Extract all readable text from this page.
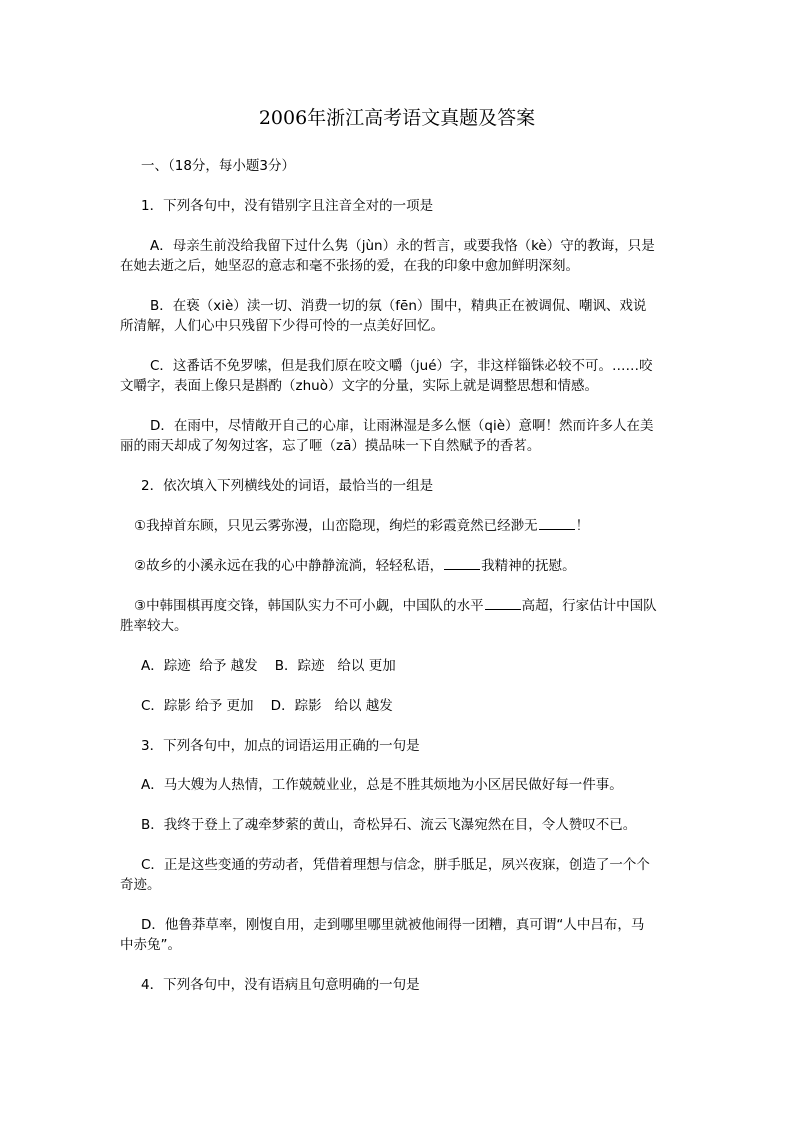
2006年浙江高考语文真题及答案
一、（18分，每小题3分）
1．下列各句中，没有错别字且注音全对的一项是
A．母亲生前没给我留下过什么隽（jùn）永的哲言，或要我恪（kè）守的教诲，只是
在她去逝之后，她坚忍的意志和毫不张扬的爱，在我的印象中愈加鲜明深刻。
B．在亵（xiè）渎一切、消费一切的氛（fēn）围中，精典正在被调侃、嘲讽、戏说
所清解，人们心中只残留下少得可怜的一点美好回忆。
C．这番话不免罗嗦，但是我们原在咬文嚼（jué）字，非这样锱铢必较不可。……咬
文嚼字，表面上像只是斟酌（zhuò）文字的分量，实际上就是调整思想和情感。
D．在雨中，尽情敞开自己的心扉，让雨淋湿是多么惬（qiè）意啊！然而许多人在美
丽的雨天却成了匆匆过客，忘了咂（zā）摸品味一下自然赋予的香茗。
2．依次填入下列横线处的词语，最恰当的一组是
①我掉首东顾，只见云雾弥漫，山峦隐现，绚烂的彩霞竟然已经渺无	！
②故乡的小溪永远在我的心中静静流淌，轻轻私语，	我精神的抚慰。
③中韩围棋再度交锋，韩国队实力不可小觑，中国队的水平	高超，行家估计中国队
胜率较大。
A．踪迹  给予 越发    B．踪迹   给以 更加
C．踪影 给予 更加    D．踪影   给以 越发
3．下列各句中，加点的词语运用正确的一句是
A．马大嫂为人热情，工作兢兢业业，总是不胜其烦地为小区居民做好每一件事。
B．我终于登上了魂牵梦萦的黄山，奇松异石、流云飞瀑宛然在目，令人赞叹不已。
C．正是这些变通的劳动者，凭借着理想与信念，胼手胝足，夙兴夜寐，创造了一个个
奇迹。
D．他鲁莽草率，刚愎自用，走到哪里哪里就被他闹得一团糟，真可谓“人中吕布，马
中赤兔”。
4．下列各句中，没有语病且句意明确的一句是
